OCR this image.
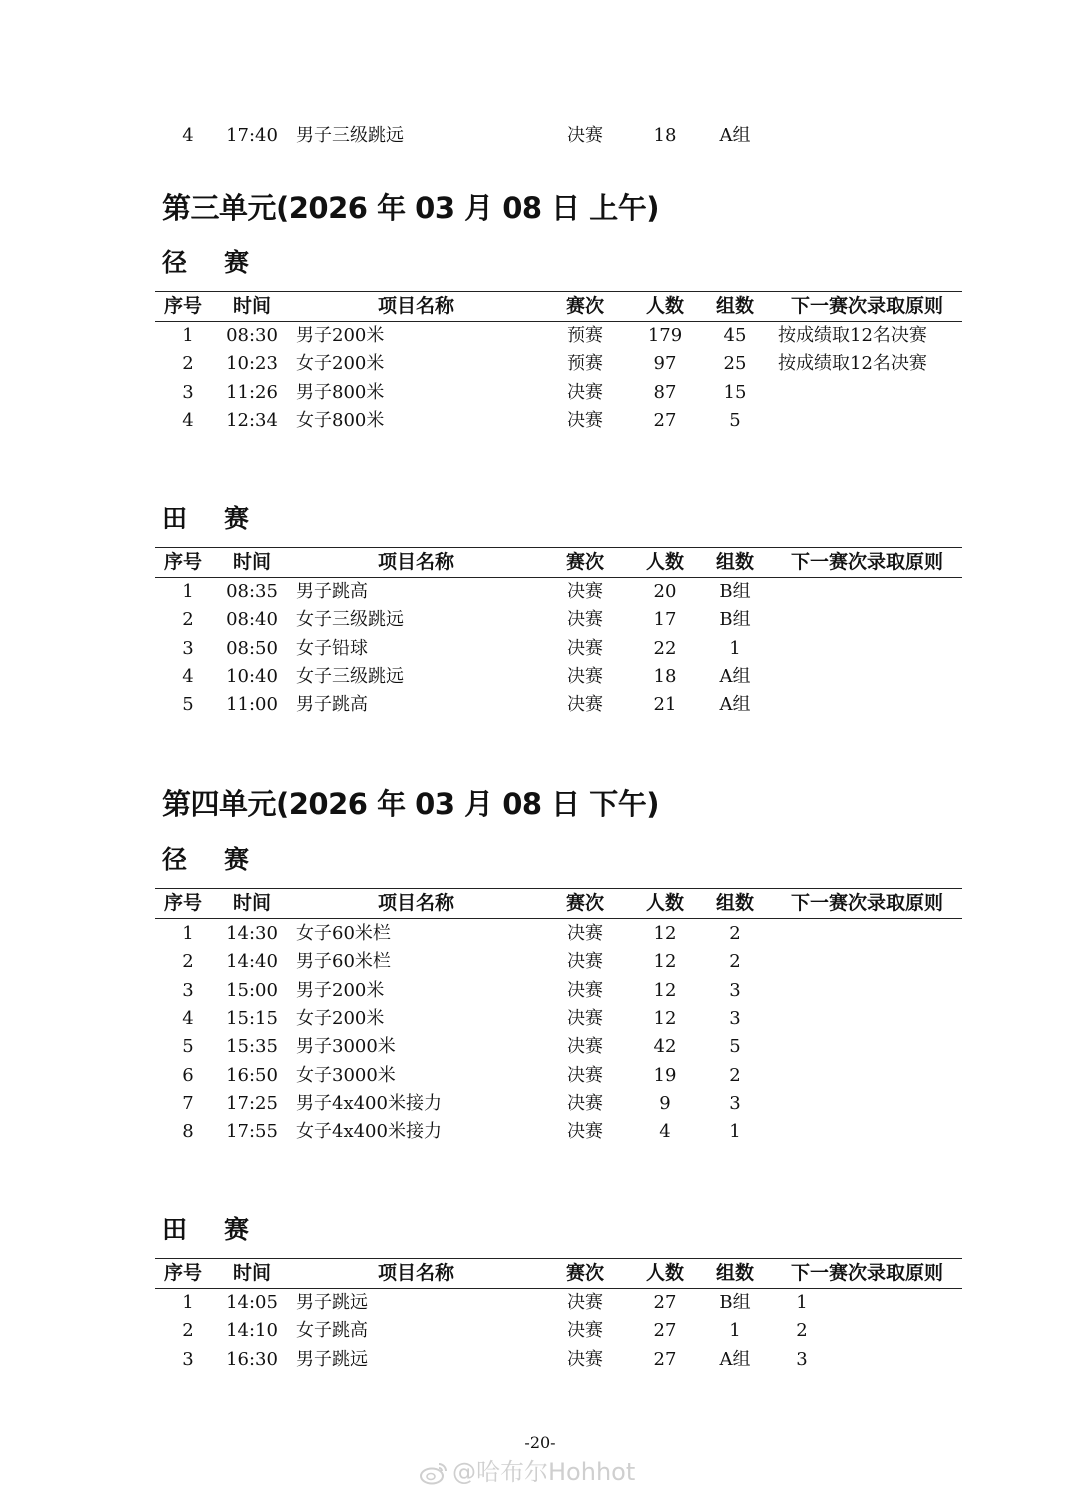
4	17:40 男子三级跳远	决赛	18	A组
第三单元(2026 年 03 月 08 日 上午)
径 赛
序号	时间	项目名称	赛次	人数	组数	下一赛次录取原则
1	08:30 男子200米	预赛	179	45	按成绩取12名决赛
2	10:23 女子200米	预赛	97	25	按成绩取12名决赛
3	11:26 男子800米	决赛	87	15
4	12:34 女子800米	决赛	27	5
田 赛
序号	时间	项目名称	赛次	人数	组数	下一赛次录取原则
1	08:35 男子跳高	决赛	20	B组
2	08:40 女子三级跳远	决赛	17	B组
3	08:50 女子铅球	决赛	22	1
4	10:40 女子三级跳远	决赛	18	A组
5	11:00 男子跳高	决赛	21	A组
第四单元(2026 年 03 月 08 日 下午)
径 赛
序号	时间	项目名称	赛次	人数	组数	下一赛次录取原则
1	14:30 女子60米栏	决赛	12	2
2	14:40 男子60米栏	决赛	12	2
3	15:00 男子200米	决赛	12	3
4	15:15 女子200米	决赛	12	3
5	15:35 男子3000米	决赛	42	5
6	16:50 女子3000米	决赛	19	2
7	17:25 男子4x400米接力	决赛	9	3
8	17:55 女子4x400米接力	决赛	4	1
田 赛
序号	时间	项目名称	赛次	人数	组数	下一赛次录取原则
1	14:05 男子跳远	决赛	27	B组	1
2	14:10 女子跳高	决赛	27	1	2
3	16:30 男子跳远	决赛	27	A组	3
-20-
@哈布尔Hohhot
